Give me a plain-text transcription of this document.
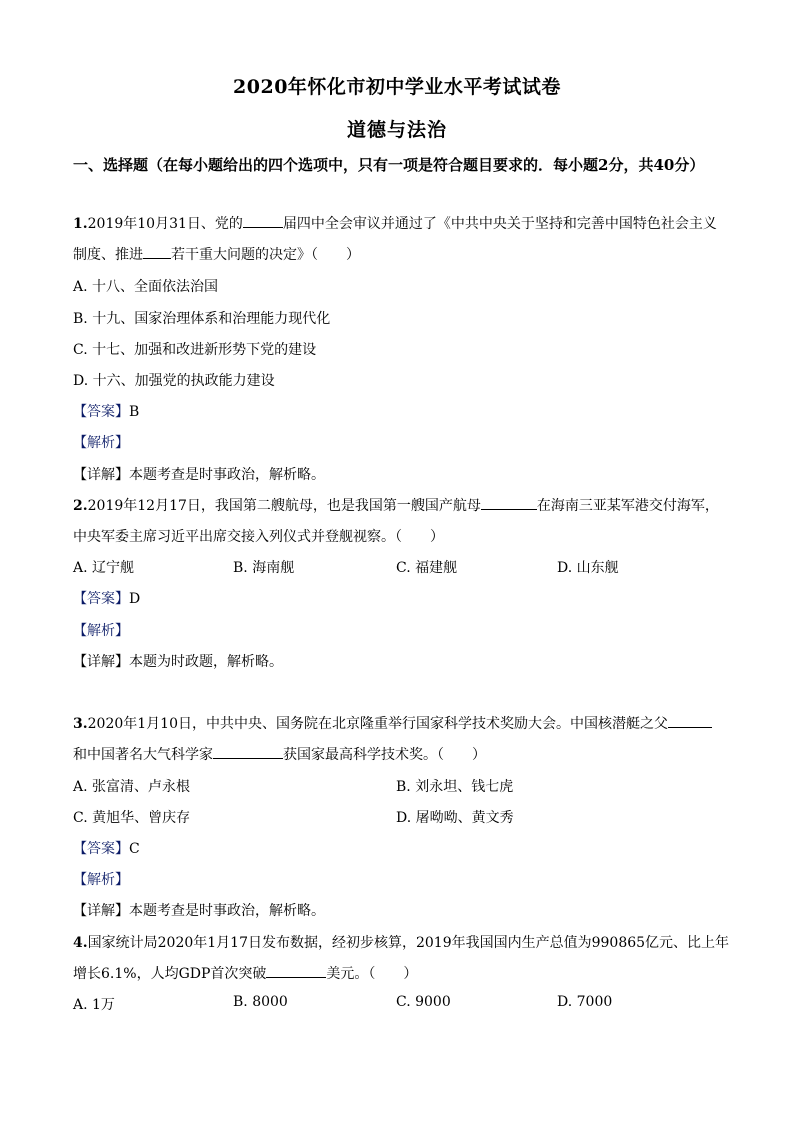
2020年怀化市初中学业水平考试试卷
道德与法治
一、选择题（在每小题给出的四个选项中，只有一项是符合题目要求的．每小题2分，共40分）
1.2019年10月31日、党的	届四中全会审议并通过了《中共中央关于坚持和完善中国特色社会主义
制度、推进 若干重大问题的决定》（　　）
A. 十八、全面依法治国
B. 十九、国家治理体系和治理能力现代化
C. 十七、加强和改进新形势下党的建设
D. 十六、加强党的执政能力建设
【答案】B
【解析】
【详解】本题考查是时事政治，解析略。
2.2019年12月17日，我国第二艘航母，也是我国第一艘国产航母	在海南三亚某军港交付海军，
中央军委主席习近平出席交接入列仪式并登舰视察。（　　）
A. 辽宁舰	B. 海南舰	C. 福建舰	D. 山东舰
【答案】D
【解析】
【详解】本题为时政题，解析略。
3.2020年1月10日，中共中央、国务院在北京隆重举行国家科学技术奖励大会。中国核潜艇之父
和中国著名大气科学家	获国家最高科学技术奖。（　　）
A. 张富清、卢永根	B. 刘永坦、钱七虎
C. 黄旭华、曾庆存	D. 屠呦呦、黄文秀
【答案】C
【解析】
【详解】本题考查是时事政治，解析略。
4.国家统计局2020年1月17日发布数据，经初步核算，2019年我国国内生产总值为990865亿元、比上年
增长6.1%，人均GDP首次突破	美元。（　　）
A. 1万	B. 8000	C. 9000	D. 7000
